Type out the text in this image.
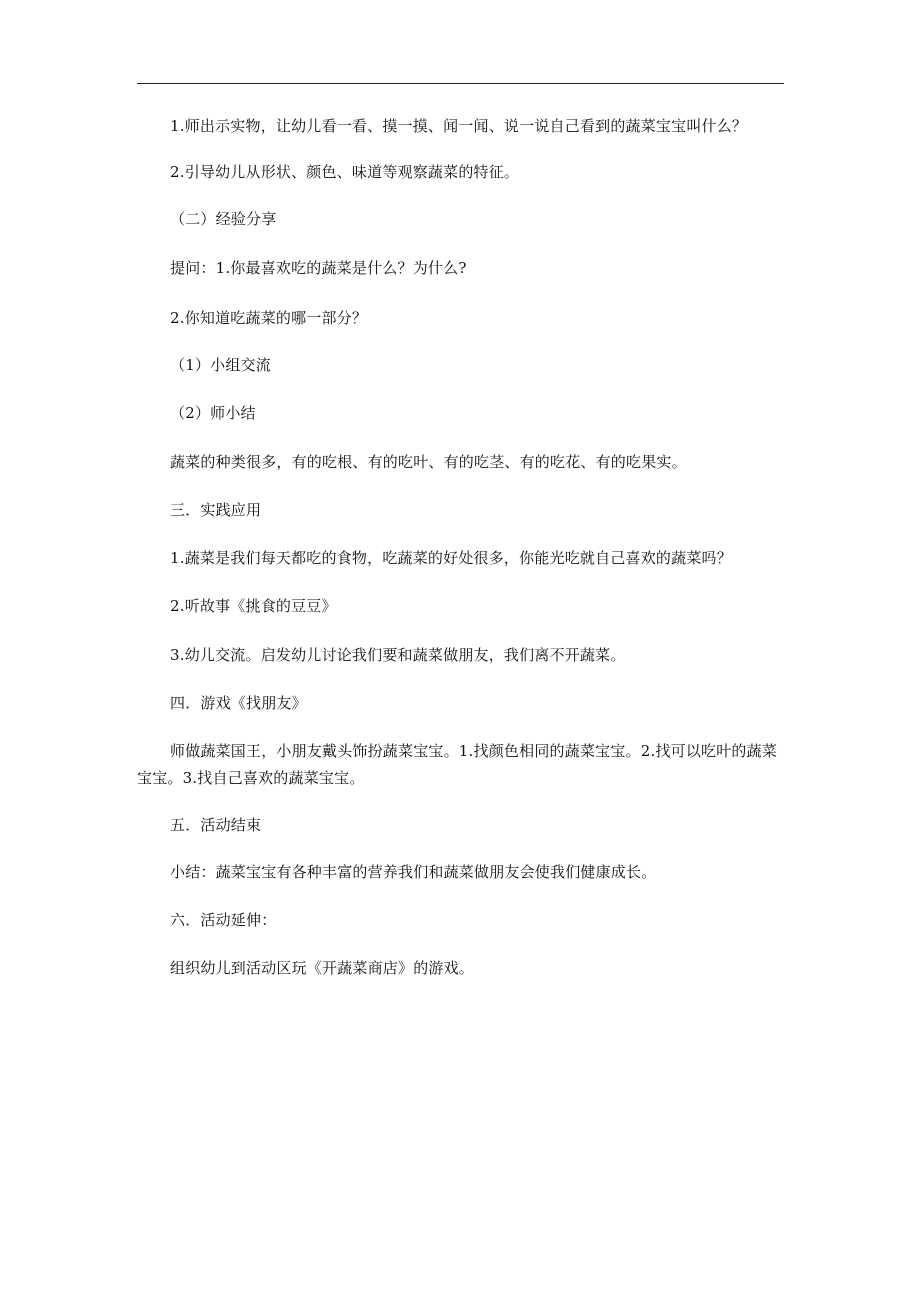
1.师出示实物，让幼儿看一看、摸一摸、闻一闻、说一说自己看到的蔬菜宝宝叫什么？
2.引导幼儿从形状、颜色、味道等观察蔬菜的特征。
（二）经验分享
提问：1.你最喜欢吃的蔬菜是什么？为什么?
2.你知道吃蔬菜的哪一部分？
（1）小组交流
（2）师小结
蔬菜的种类很多，有的吃根、有的吃叶、有的吃茎、有的吃花、有的吃果实。
三．实践应用
1.蔬菜是我们每天都吃的食物，吃蔬菜的好处很多，你能光吃就自己喜欢的蔬菜吗？
2.听故事《挑食的豆豆》
3.幼儿交流。启发幼儿讨论我们要和蔬菜做朋友，我们离不开蔬菜。
四．游戏《找朋友》
师做蔬菜国王，小朋友戴头饰扮蔬菜宝宝。1.找颜色相同的蔬菜宝宝。2.找可以吃叶的蔬菜宝宝。3.找自己喜欢的蔬菜宝宝。
五．活动结束
小结：蔬菜宝宝有各种丰富的营养我们和蔬菜做朋友会使我们健康成长。
六．活动延伸：
组织幼儿到活动区玩《开蔬菜商店》的游戏。
